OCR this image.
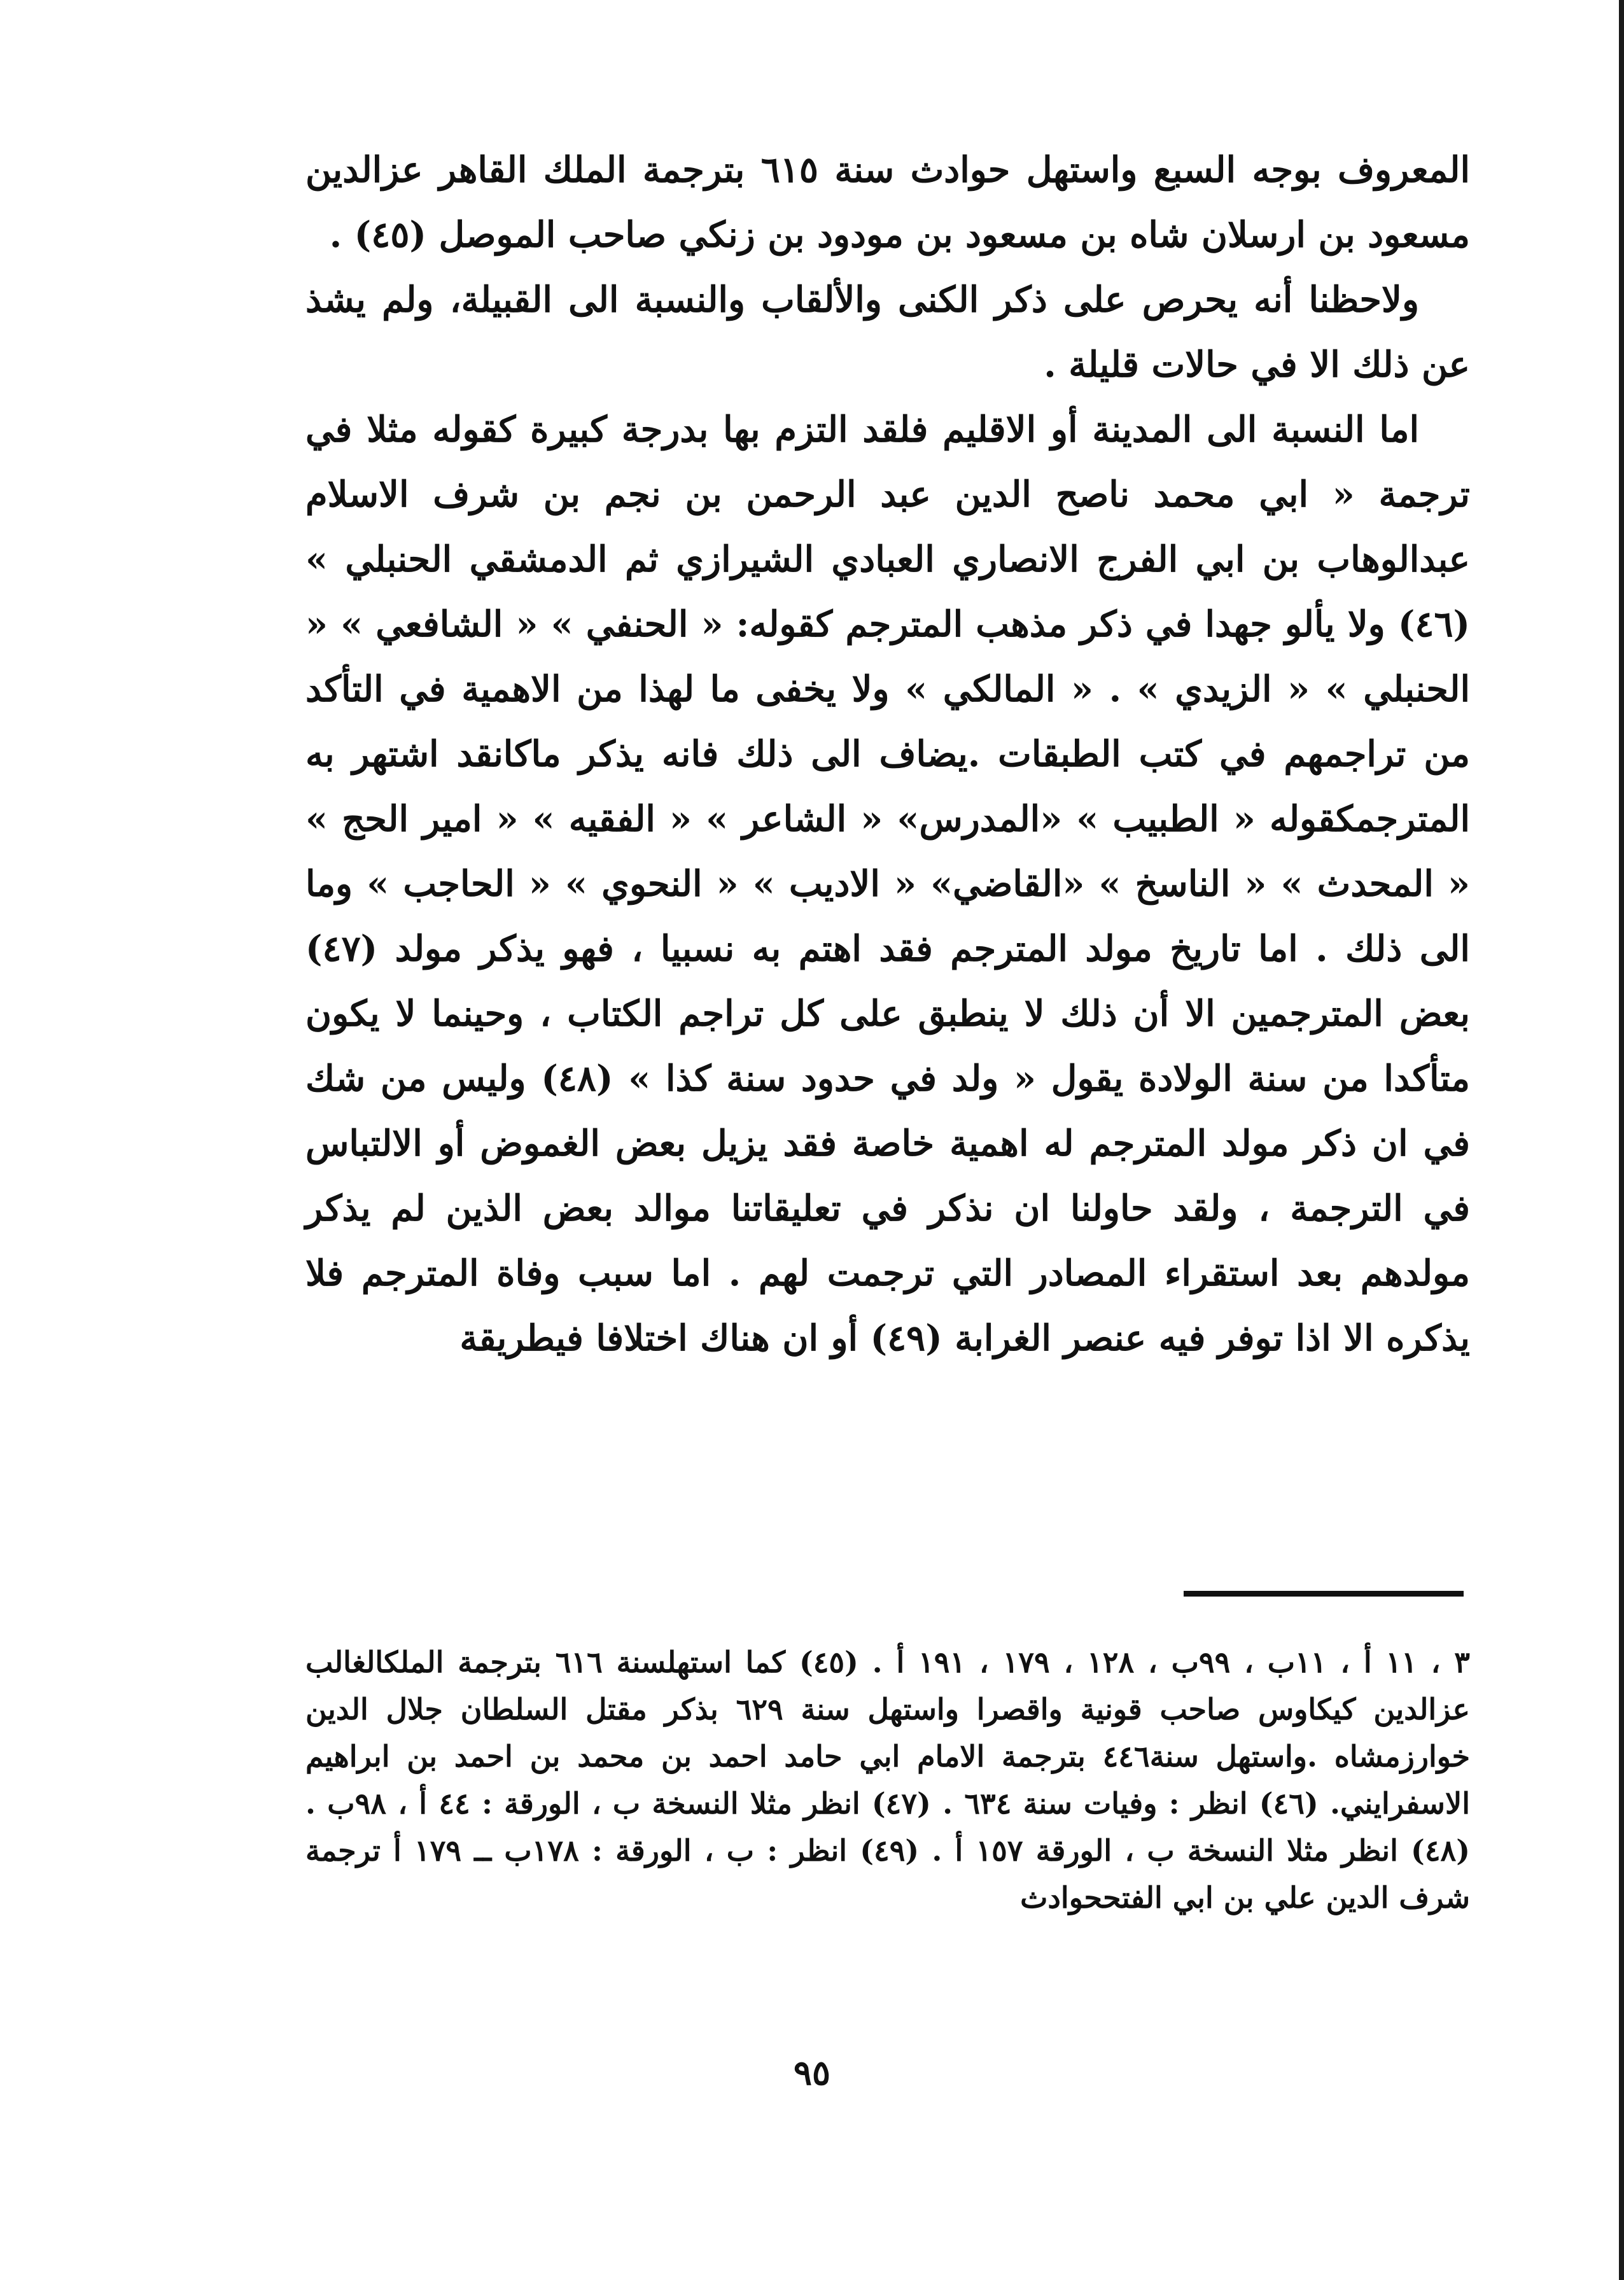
المعروف بوجه السبع واستهل حوادث سنة ٦١٥ بترجمة الملك القاهر عزالدين مسعود بن ارسلان شاه بن مسعود بن مودود بن زنكي صاحب الموصل (٤٥) .

ولاحظنا أنه يحرص على ذكر الكنى والألقاب والنسبة الى القبيلة، ولم يشذ عن ذلك الا في حالات قليلة .

اما النسبة الى المدينة أو الاقليم فلقد التزم بها بدرجة كبيرة كقوله مثلا في ترجمة « ابي محمد ناصح الدين عبد الرحمن بن نجم بن شرف الاسلام عبدالوهاب بن ابي الفرج الانصاري العبادي الشيرازي ثم الدمشقي الحنبلي » (٤٦) ولا يألو جهدا في ذكر مذهب المترجم كقوله: « الحنفي » « الشافعي » « الحنبلي » « الزيدي » . « المالكي » ولا يخفى ما لهذا من الاهمية في التأكد من تراجمهم في كتب الطبقات .يضاف الى ذلك فانه يذكر ماكانقد اشتهر به المترجمكقوله « الطبيب » «المدرس» « الشاعر » « الفقيه » « امير الحج » « المحدث » « الناسخ » «القاضي» « الاديب » « النحوي » « الحاجب » وما الى ذلك . اما تاريخ مولد المترجم فقد اهتم به نسبيا ، فهو يذكر مولد (٤٧) بعض المترجمين الا أن ذلك لا ينطبق على كل تراجم الكتاب ، وحينما لا يكون متأكدا من سنة الولادة يقول « ولد في حدود سنة كذا » (٤٨) وليس من شك في ان ذكر مولد المترجم له اهمية خاصة فقد يزيل بعض الغموض أو الالتباس في الترجمة ، ولقد حاولنا ان نذكر في تعليقاتنا موالد بعض الذين لم يذكر مولدهم بعد استقراء المصادر التي ترجمت لهم . اما سبب وفاة المترجم فلا يذكره الا اذا توفر فيه عنصر الغرابة (٤٩) أو ان هناك اختلافا فيطريقة

٣ ، ١١ أ ، ١١ب ، ٩٩ب ، ١٢٨ ، ١٧٩ ، ١٩١ أ . (٤٥) كما استهلسنة ٦١٦ بترجمة الملكالغالب عزالدين كيكاوس صاحب قونية واقصرا واستهل سنة ٦٢٩ بذكر مقتل السلطان جلال الدين خوارزمشاه .واستهل سنة٤٤٦ بترجمة الامام ابي حامد احمد بن محمد بن احمد بن ابراهيم الاسفرايني. (٤٦) انظر : وفيات سنة ٦٣٤ . (٤٧) انظر مثلا النسخة ب ، الورقة : ٤٤ أ ، ٩٨ب . (٤٨) انظر مثلا النسخة ب ، الورقة ١٥٧ أ . (٤٩) انظر : ب ، الورقة : ١٧٨ب ــ ١٧٩ أ ترجمة شرف الدين علي بن ابي الفتححوادث

٩٥
